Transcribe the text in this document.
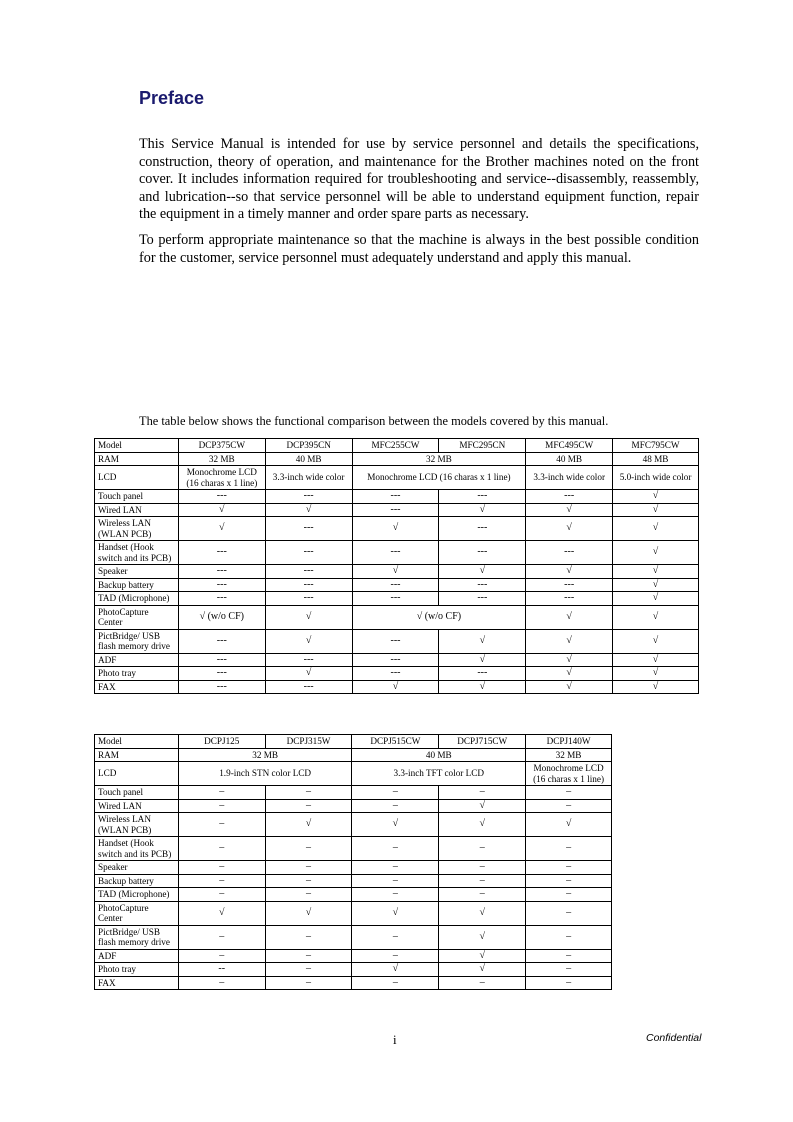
Preface

This Service Manual is intended for use by service personnel and details the specifications, construction, theory of operation, and maintenance for the Brother machines noted on the front cover. It includes information required for troubleshooting and service--disassembly, reassembly, and lubrication--so that service personnel will be able to understand equipment function, repair the equipment in a timely manner and order spare parts as necessary.

To perform appropriate maintenance so that the machine is always in the best possible condition for the customer, service personnel must adequately understand and apply this manual.

The table below shows the functional comparison between the models covered by this manual.

Model	DCP375CW	DCP395CN	MFC255CW	MFC295CN	MFC495CW	MFC795CW
RAM	32 MB	40 MB	32 MB		40 MB	48 MB
LCD	Monochrome LCD (16 charas x 1 line)	3.3-inch wide color	Monochrome LCD (16 charas x 1 line)		3.3-inch wide color	5.0-inch wide color
Touch panel	---	---	---	---	---	√
Wired LAN	√	√	---	√	√	√
Wireless LAN (WLAN PCB)	√	---	√	---	√	√
Handset (Hook switch and its PCB)	---	---	---	---	---	√
Speaker	---	---	√	√	√	√
Backup battery	---	---	---	---	---	√
TAD (Microphone)	---	---	---	---	---	√
PhotoCapture Center	√ (w/o CF)	√	√ (w/o CF)		√	√
PictBridge/ USB flash memory drive	---	√	---	√	√	√
ADF	---	---	---	√	√	√
Photo tray	---	√	---	---	√	√
FAX	---	---	√	√	√	√
Model	DCPJ125	DCPJ315W	DCPJ515CW	DCPJ715CW	DCPJ140W
RAM	32 MB		40 MB		32 MB
LCD	1.9-inch STN color LCD		3.3-inch TFT color LCD		Monochrome LCD (16 charas x 1 line)
Touch panel	–	–	–	–	–
Wired LAN	–	–	–	√	–
Wireless LAN (WLAN PCB)	–	√	√	√	√
Handset (Hook switch and its PCB)	–	–	–	–	–
Speaker	–	–	–	–	–
Backup battery	–	–	–	–	–
TAD (Microphone)	–	–	–	–	–
PhotoCapture Center	√	√	√	√	–
PictBridge/ USB flash memory drive	–	–	–	√	–
ADF	–	–	–	√	–
Photo tray	--	–	√	√	–
FAX	–	–	–	–	–
i	Confidential
